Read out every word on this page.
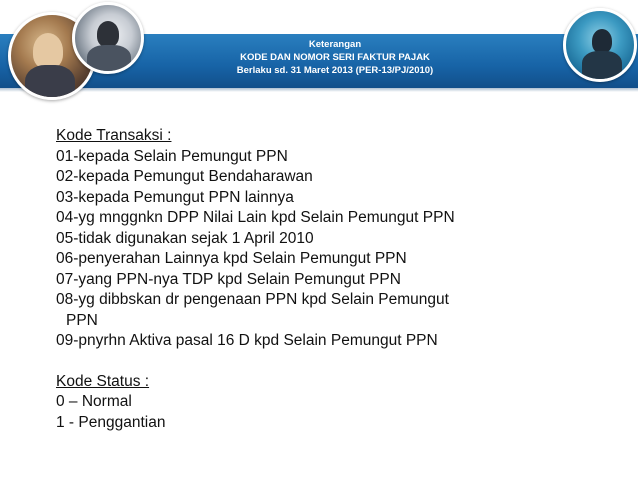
Keterangan
KODE DAN NOMOR SERI FAKTUR PAJAK
Berlaku sd. 31 Maret 2013 (PER-13/PJ/2010)
Kode Transaksi :
01-kepada Selain Pemungut PPN
02-kepada Pemungut Bendaharawan
03-kepada Pemungut PPN lainnya
04-yg mnggnkn DPP Nilai Lain kpd Selain Pemungut PPN
05-tidak digunakan sejak 1 April 2010
06-penyerahan Lainnya kpd Selain Pemungut PPN
07-yang PPN-nya TDP kpd Selain Pemungut PPN
08-yg dibbskan dr pengenaan PPN kpd Selain Pemungut
PPN
09-pnyrhn Aktiva pasal 16 D kpd Selain Pemungut PPN
Kode Status :
0 – Normal
1 - Penggantian
